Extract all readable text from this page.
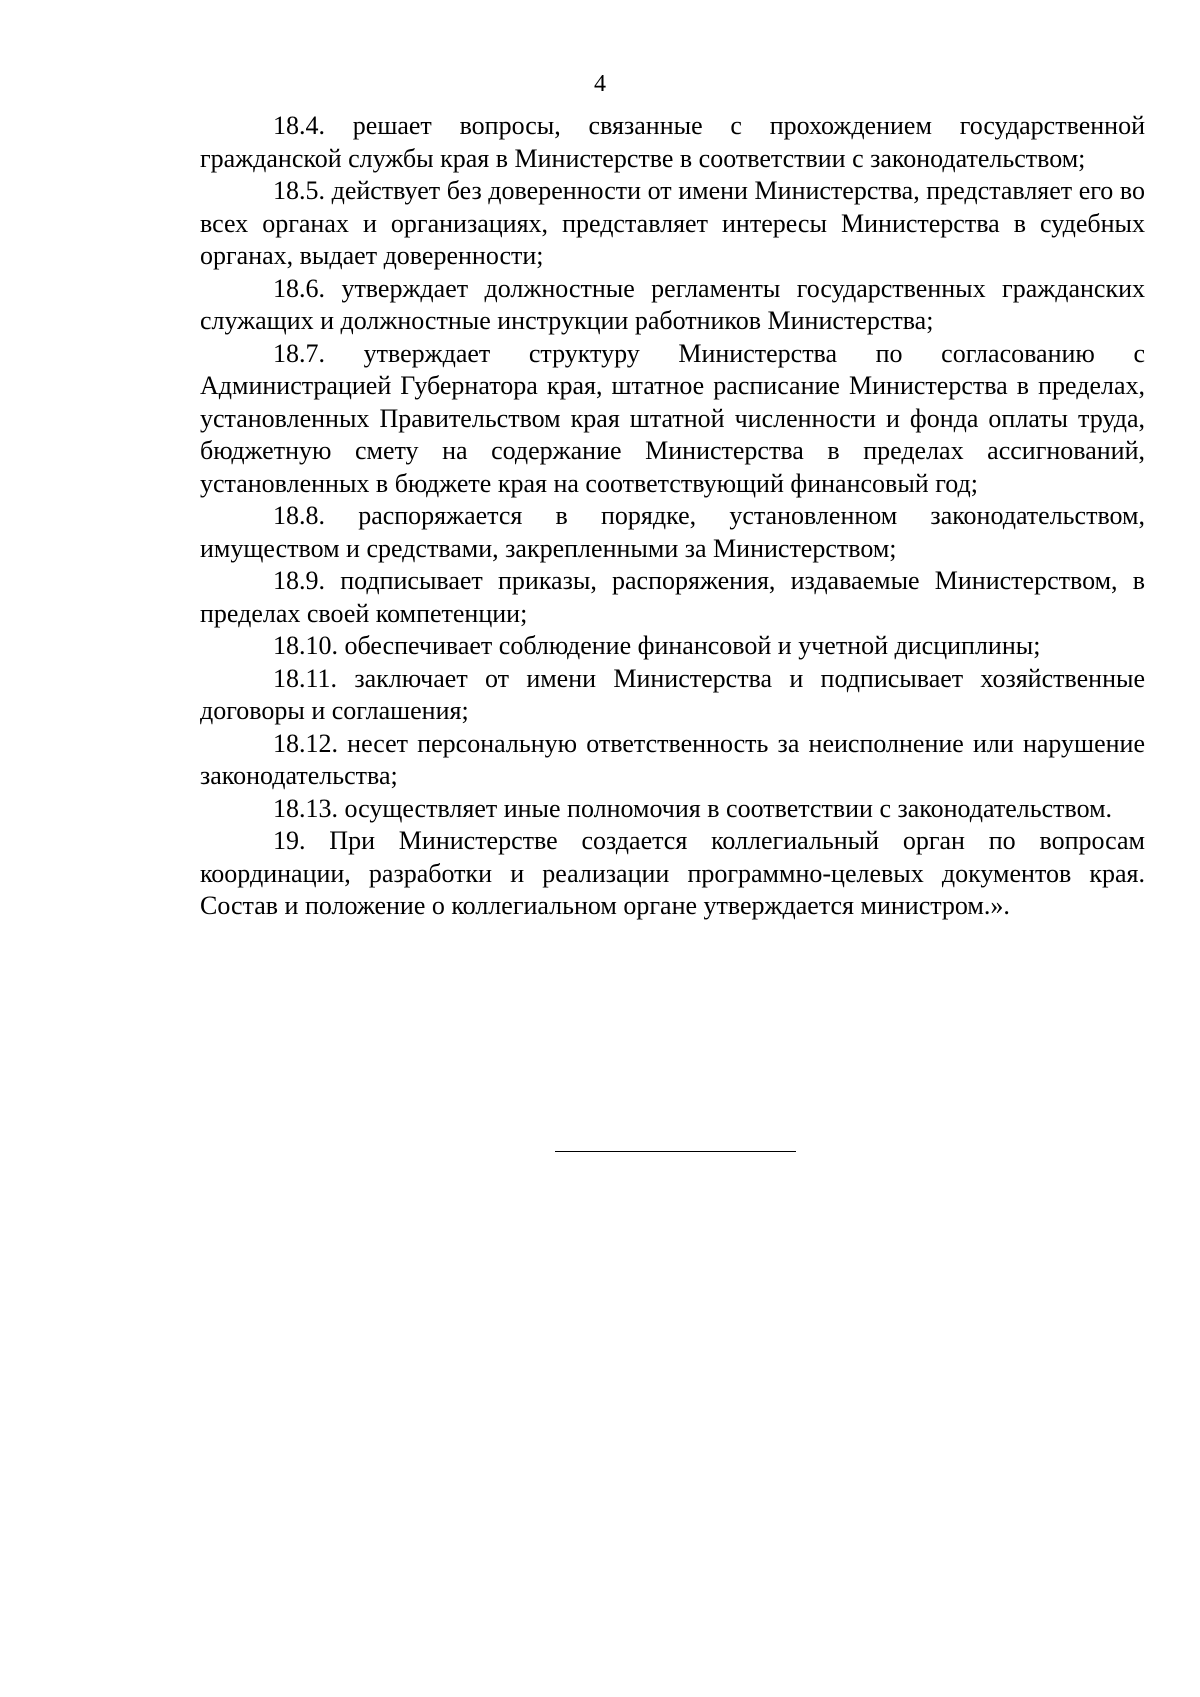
4

18.4. решает вопросы, связанные с прохождением государственной гражданской службы края в Министерстве в соответствии с законодательством;

18.5. действует без доверенности от имени Министерства, представляет его во всех органах и организациях, представляет интересы Министерства в судебных органах, выдает доверенности;

18.6. утверждает должностные регламенты государственных гражданских служащих и должностные инструкции работников Министерства;

18.7. утверждает структуру Министерства по согласованию с Администрацией Губернатора края, штатное расписание Министерства в пределах, установленных Правительством края штатной численности и фонда оплаты труда, бюджетную смету на содержание Министерства в пределах ассигнований, установленных в бюджете края на соответствующий финансовый год;

18.8. распоряжается в порядке, установленном законодательством, имуществом и средствами, закрепленными за Министерством;

18.9. подписывает приказы, распоряжения, издаваемые Министерством, в пределах своей компетенции;

18.10. обеспечивает соблюдение финансовой и учетной дисциплины;

18.11. заключает от имени Министерства и подписывает хозяйственные договоры и соглашения;

18.12. несет персональную ответственность за неисполнение или нарушение законодательства;

18.13. осуществляет иные полномочия в соответствии с законодательством.

19. При Министерстве создается коллегиальный орган по вопросам координации, разработки и реализации программно-целевых документов края. Состав и положение о коллегиальном органе утверждается министром.».
